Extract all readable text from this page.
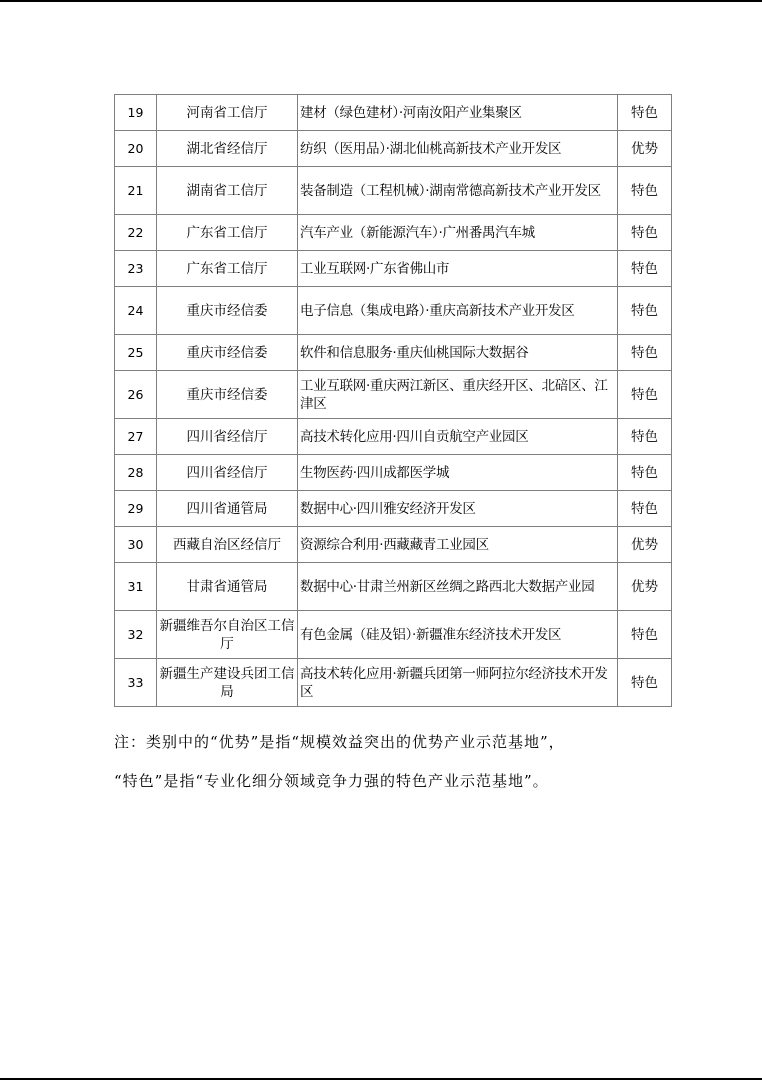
19	河南省工信厅	建材（绿色建材）·河南汝阳产业集聚区	特色
20	湖北省经信厅	纺织（医用品）·湖北仙桃高新技术产业开发区	优势
21	湖南省工信厅	装备制造（工程机械）·湖南常德高新技术产业开发区	特色
22	广东省工信厅	汽车产业（新能源汽车）·广州番禺汽车城	特色
23	广东省工信厅	工业互联网·广东省佛山市	特色
24	重庆市经信委	电子信息（集成电路）·重庆高新技术产业开发区	特色
25	重庆市经信委	软件和信息服务·重庆仙桃国际大数据谷	特色
26	重庆市经信委	工业互联网·重庆两江新区、重庆经开区、北碚区、江津区	特色
27	四川省经信厅	高技术转化应用·四川自贡航空产业园区	特色
28	四川省经信厅	生物医药·四川成都医学城	特色
29	四川省通管局	数据中心·四川雅安经济开发区	特色
30	西藏自治区经信厅	资源综合利用·西藏藏青工业园区	优势
31	甘肃省通管局	数据中心·甘肃兰州新区丝绸之路西北大数据产业园	优势
32	新疆维吾尔自治区工信厅	有色金属（硅及铝）·新疆准东经济技术开发区	特色
33	新疆生产建设兵团工信局	高技术转化应用·新疆兵团第一师阿拉尔经济技术开发区	特色
注：类别中的“优势”是指“规模效益突出的优势产业示范基地”，
“特色”是指“专业化细分领域竞争力强的特色产业示范基地”。
